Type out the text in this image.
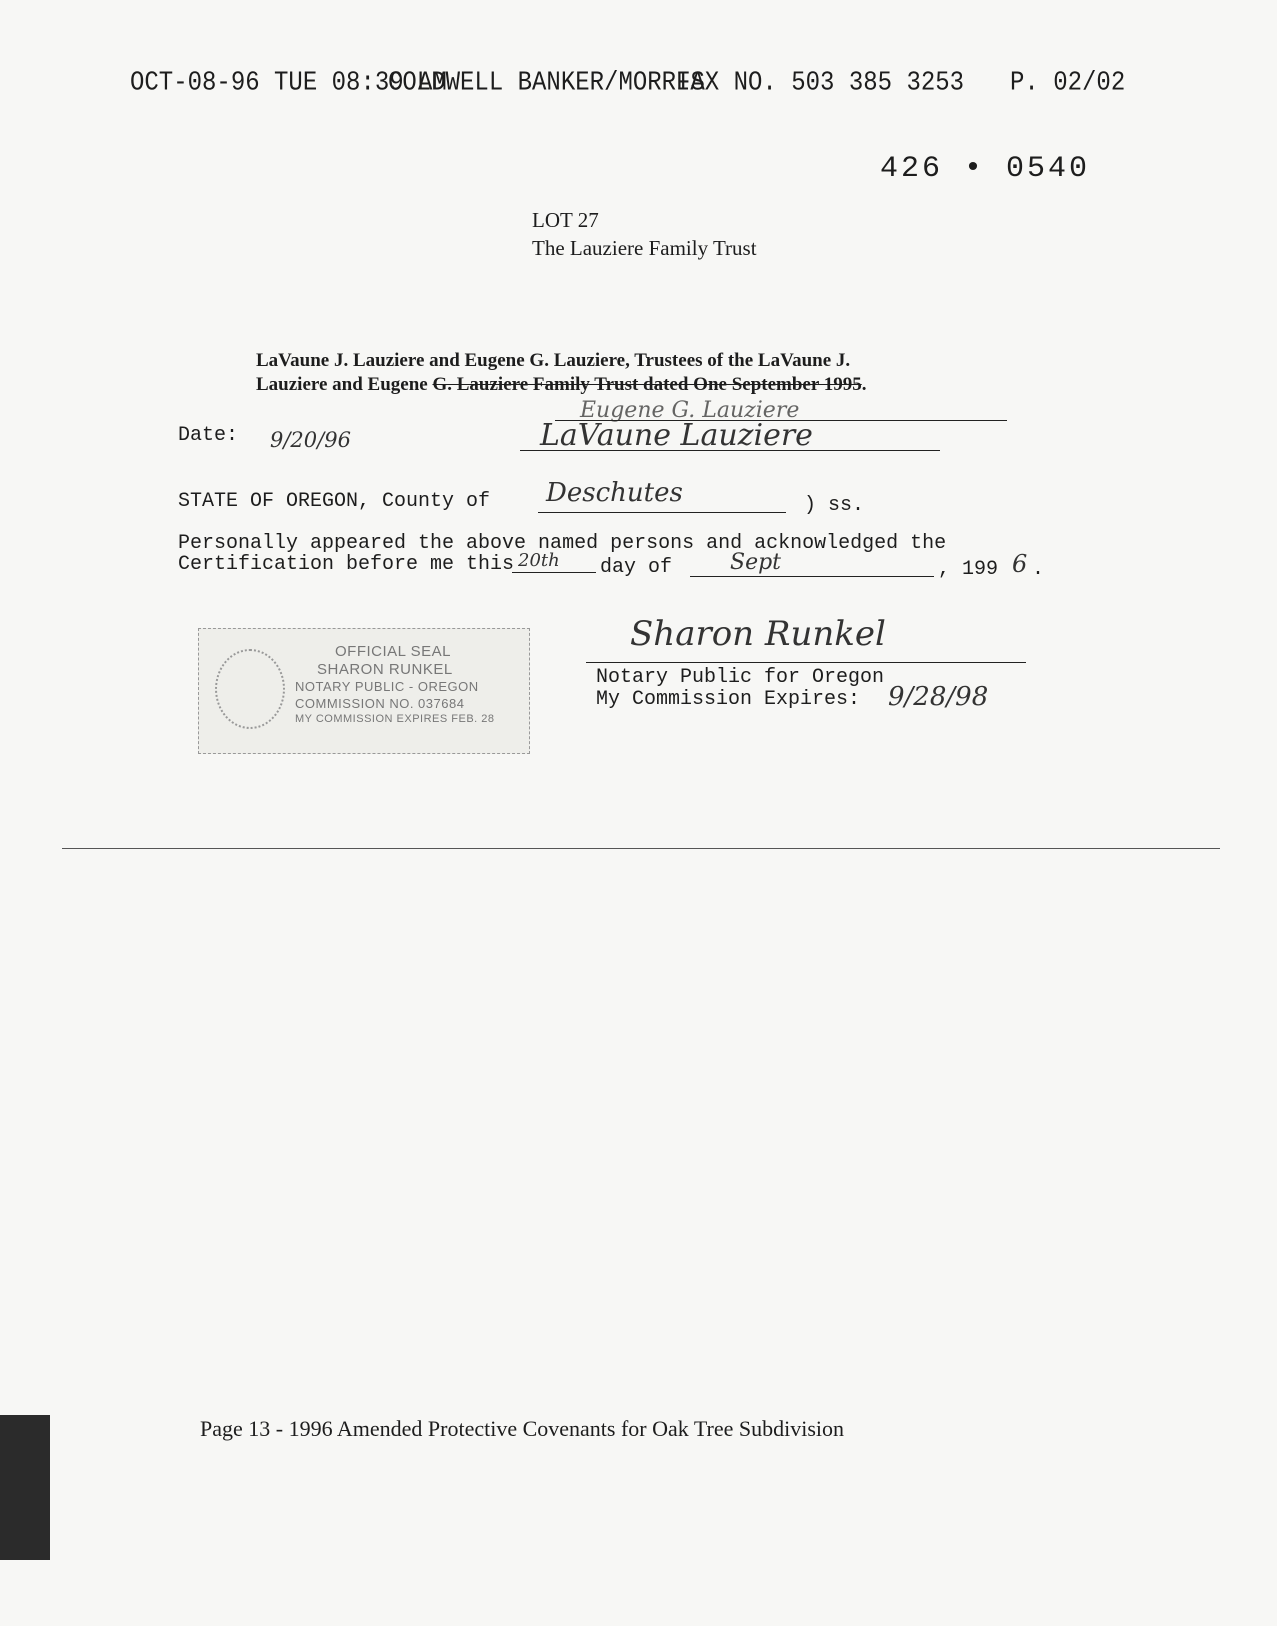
OCT-08-96 TUE 08:39 AM
COLDWELL BANKER/MORRIS
FAX NO. 503 385 3253 P. 02/02
426 • 0540
LOT 27
The Lauziere Family Trust
LaVaune J. Lauziere and Eugene G. Lauziere, Trustees of the LaVaune J.
Lauziere and Eugene G. Lauziere Family Trust dated One September 1995.
Eugene G. Lauziere
Date: 9/20/96	LaVaune Lauziere
STATE OF OREGON, County of Deschutes	) ss.
Personally appeared the above named persons and acknowledged the
Certification before me this 20th day of	Sept	, 199 6 .
OFFICIAL SEAL
SHARON RUNKEL
NOTARY PUBLIC - OREGON
COMMISSION NO. 037684
MY COMMISSION EXPIRES FEB. 28
Sharon Runkel
Notary Public for Oregon
My Commission Expires: 9/28/98
Page 13 - 1996 Amended Protective Covenants for Oak Tree Subdivision
